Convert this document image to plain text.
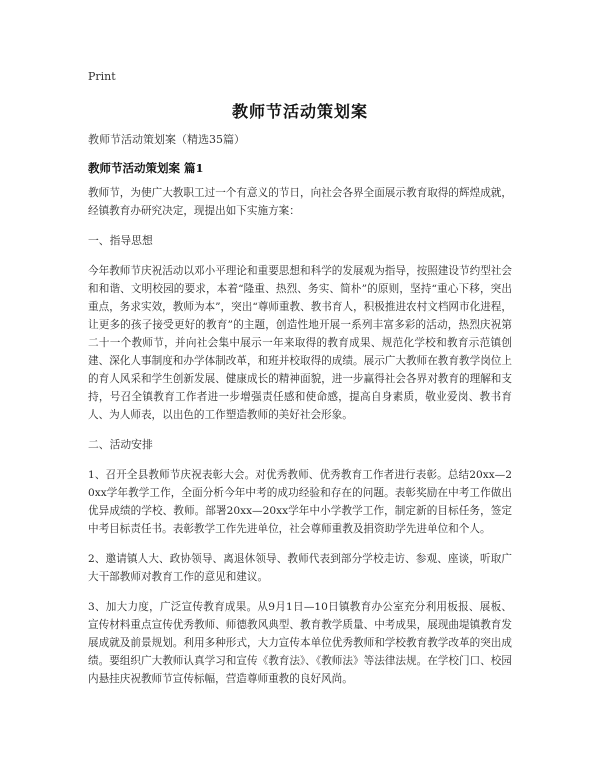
Print
教师节活动策划案

教师节活动策划案（精选35篇）

教师节活动策划案 篇1

教师节，为使广大教职工过一个有意义的节日，向社会各界全面展示教育取得的辉煌成就，经镇教育办研究决定，现提出如下实施方案：

一、指导思想

今年教师节庆祝活动以邓小平理论和重要思想和科学的发展观为指导，按照建设节约型社会和和谐、文明校园的要求，本着“隆重、热烈、务实、简朴”的原则，坚持“重心下移，突出重点，务求实效，教师为本”，突出“尊师重教、教书育人，积极推进农村文档网市化进程，让更多的孩子接受更好的教育”的主题，创造性地开展一系列丰富多彩的活动，热烈庆祝第二十一个教师节，并向社会集中展示一年来取得的教育成果、规范化学校和教育示范镇创建、深化人事制度和办学体制改革，和班并校取得的成绩。展示广大教师在教育教学岗位上的育人风采和学生创新发展、健康成长的精神面貌，进一步赢得社会各界对教育的理解和支持，号召全镇教育工作者进一步增强责任感和使命感，提高自身素质，敬业爱岗、教书育人、为人师表，以出色的工作塑造教师的美好社会形象。

二、活动安排

1、召开全县教师节庆祝表彰大会。对优秀教师、优秀教育工作者进行表彰。总结20xx—20xx学年教学工作，全面分析今年中考的成功经验和存在的问题。表彰奖励在中考工作做出优异成绩的学校、教师。部署20xx—20xx学年中小学教学工作，制定新的目标任务，签定中考目标责任书。表彰教学工作先进单位，社会尊师重教及捐资助学先进单位和个人。

2、邀请镇人大、政协领导、离退休领导、教师代表到部分学校走访、参观、座谈，听取广大干部教师对教育工作的意见和建议。

3、加大力度，广泛宣传教育成果。从9月1日—10日镇教育办公室充分利用板报、展板、宣传材料重点宣传优秀教师、师德教风典型、教育教学质量、中考成果，展现曲堤镇教育发展成就及前景规划。利用多种形式，大力宣传本单位优秀教师和学校教育教学改革的突出成绩。要组织广大教师认真学习和宣传《教育法》、《教师法》等法律法规。在学校门口、校园内悬挂庆祝教师节宣传标幅，营造尊师重教的良好风尚。
